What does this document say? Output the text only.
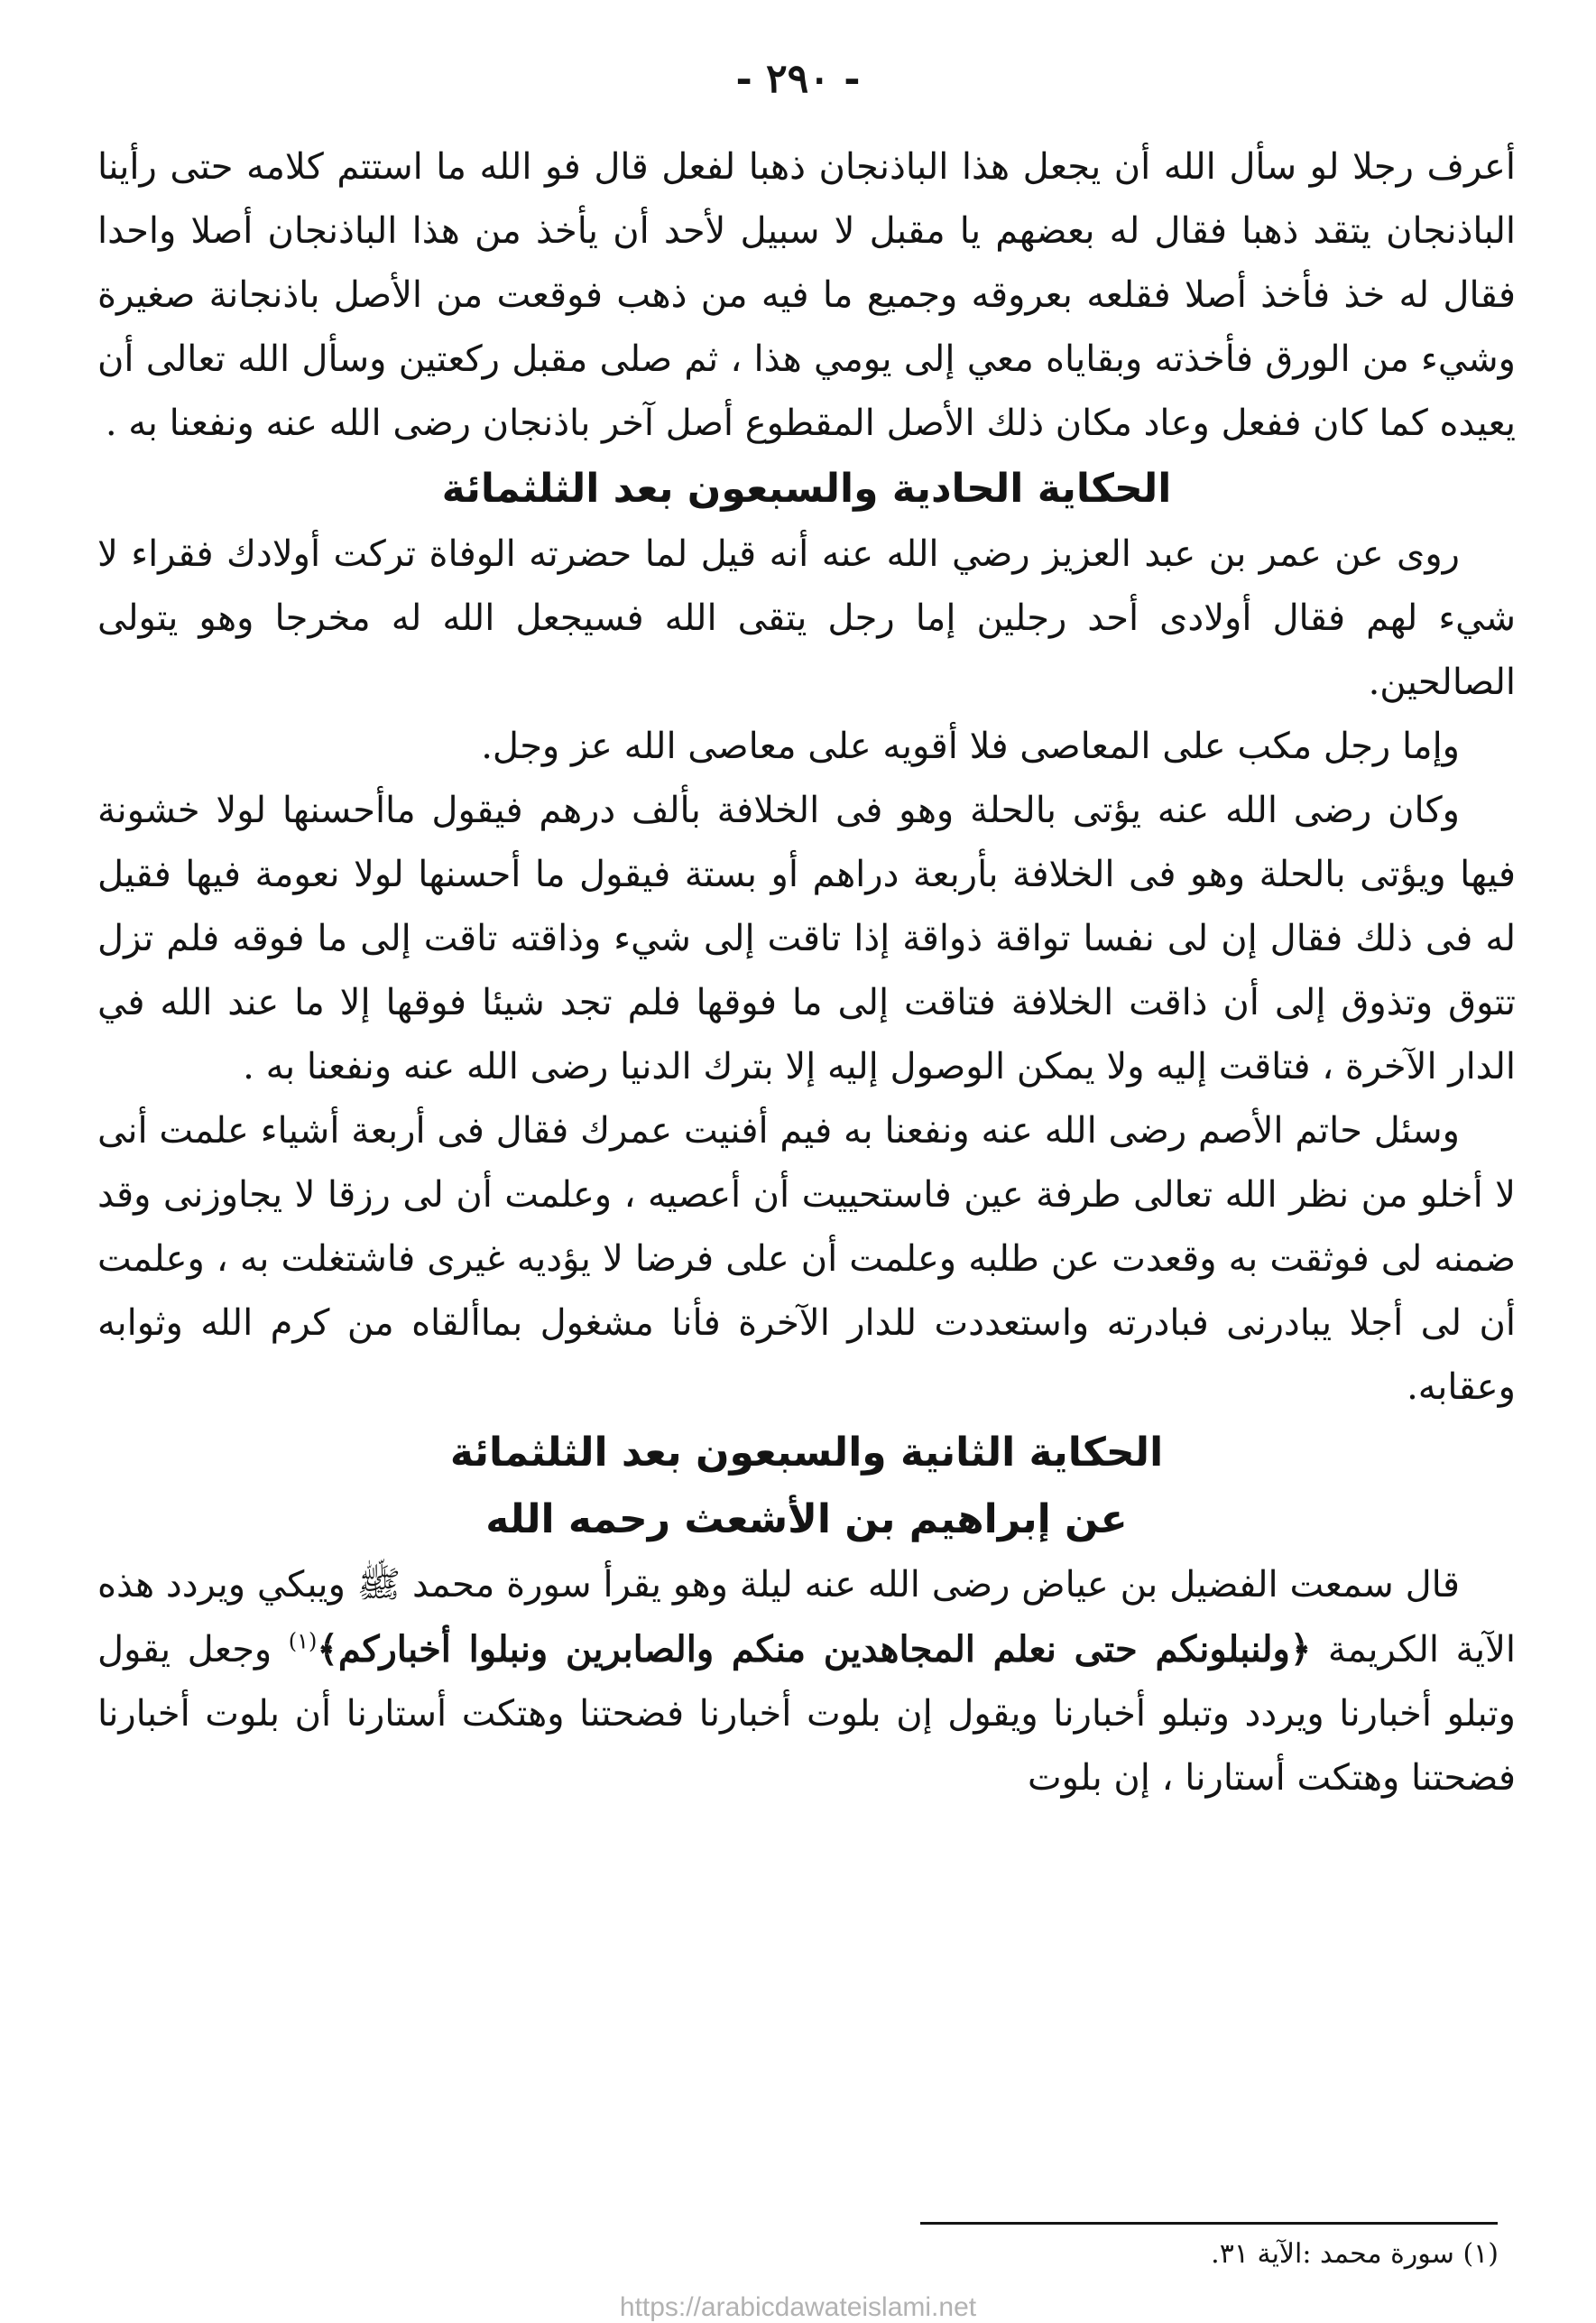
- ٢٩٠ -

أعرف رجلا لو سأل الله أن يجعل هذا الباذنجان ذهبا لفعل قال فو الله ما استتم كلامه حتى رأينا الباذنجان يتقد ذهبا فقال له بعضهم يا مقبل لا سبيل لأحد أن يأخذ من هذا الباذنجان أصلا واحدا فقال له خذ فأخذ أصلا فقلعه بعروقه وجميع ما فيه من ذهب فوقعت من الأصل باذنجانة صغيرة وشيء من الورق فأخذته وبقاياه معي إلى يومي هذا ، ثم صلى مقبل ركعتين وسأل الله تعالى أن يعيده كما كان ففعل وعاد مكان ذلك الأصل المقطوع أصل آخر باذنجان رضى الله عنه ونفعنا به .

الحكاية الحادية والسبعون بعد الثلثمائة

روى عن عمر بن عبد العزيز رضي الله عنه أنه قيل لما حضرته الوفاة تركت أولادك فقراء لا شيء لهم فقال أولادى أحد رجلين إما رجل يتقى الله فسيجعل الله له مخرجا وهو يتولى الصالحين.

وإما رجل مكب على المعاصى فلا أقويه على معاصى الله عز وجل.

وكان رضى الله عنه يؤتى بالحلة وهو فى الخلافة بألف درهم فيقول ماأحسنها لولا خشونة فيها ويؤتى بالحلة وهو فى الخلافة بأربعة دراهم أو بستة فيقول ما أحسنها لولا نعومة فيها فقيل له فى ذلك فقال إن لى نفسا تواقة ذواقة إذا تاقت إلى شيء وذاقته تاقت إلى ما فوقه فلم تزل تتوق وتذوق إلى أن ذاقت الخلافة فتاقت إلى ما فوقها فلم تجد شيئا فوقها إلا ما عند الله في الدار الآخرة ، فتاقت إليه ولا يمكن الوصول إليه إلا بترك الدنيا رضى الله عنه ونفعنا به .

وسئل حاتم الأصم رضى الله عنه ونفعنا به فيم أفنيت عمرك فقال فى أربعة أشياء علمت أنى لا أخلو من نظر الله تعالى طرفة عين فاستحييت أن أعصيه ، وعلمت أن لى رزقا لا يجاوزنى وقد ضمنه لى فوثقت به وقعدت عن طلبه وعلمت أن على فرضا لا يؤديه غيرى فاشتغلت به ، وعلمت أن لى أجلا يبادرنى فبادرته واستعددت للدار الآخرة فأنا مشغول بماألقاه من كرم الله وثوابه وعقابه.

الحكاية الثانية والسبعون بعد الثلثمائة

عن إبراهيم بن الأشعث رحمه الله

قال سمعت الفضيل بن عياض رضى الله عنه ليلة وهو يقرأ سورة محمد ﷺ ويبكي ويردد هذه الآية الكريمة ﴿ولنبلونكم حتى نعلم المجاهدين منكم والصابرين ونبلوا أخباركم﴾$^{(١)}$ وجعل يقول وتبلو أخبارنا ويردد وتبلو أخبارنا ويقول إن بلوت أخبارنا فضحتنا وهتكت أستارنا أن بلوت أخبارنا فضحتنا وهتكت أستارنا ، إن بلوت

(١) سورة محمد :الآية ٣١.
https://arabicdawateislami.net
